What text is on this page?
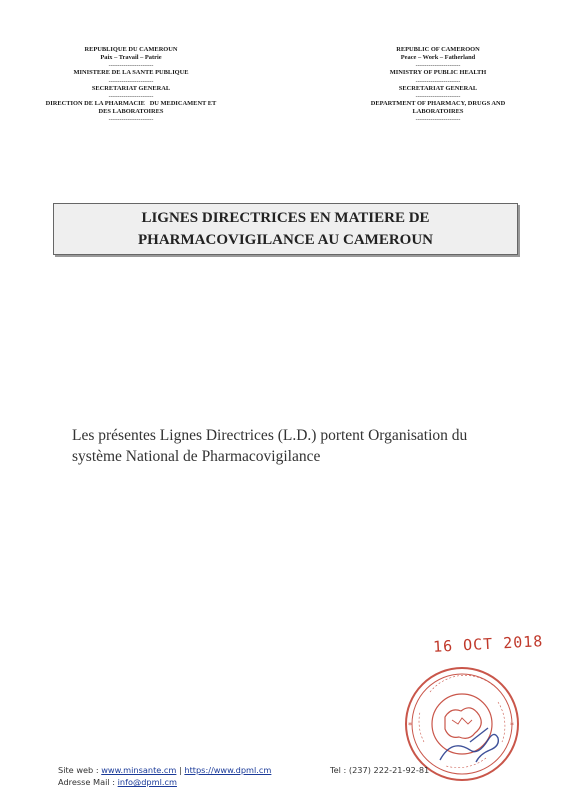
REPUBLIQUE DU CAMEROUN
Paix – Travail – Patrie
---------------------
MINISTERE DE LA SANTE PUBLIQUE
---------------------
SECRETARIAT GENERAL
---------------------
DIRECTION DE LA PHARMACIE   DU MEDICAMENT ET
DES LABORATOIRES
---------------------
REPUBLIC OF CAMEROON
Peace – Work – Fatherland
---------------------
MINISTRY OF PUBLIC HEALTH
---------------------
SECRETARIAT GENERAL
---------------------
DEPARTMENT OF PHARMACY, DRUGS AND
LABORATOIRES
---------------------
LIGNES DIRECTRICES EN MATIERE DE
PHARMACOVIGILANCE AU CAMEROUN
Les présentes Lignes Directrices (L.D.) portent Organisation du
système National de Pharmacovigilance
16 OCT 2018
*	*
Site web : www.minsante.cm | https://www.dpml.cm
Adresse Mail : info@dpml.cm
Tel : (237) 222-21-92-81
